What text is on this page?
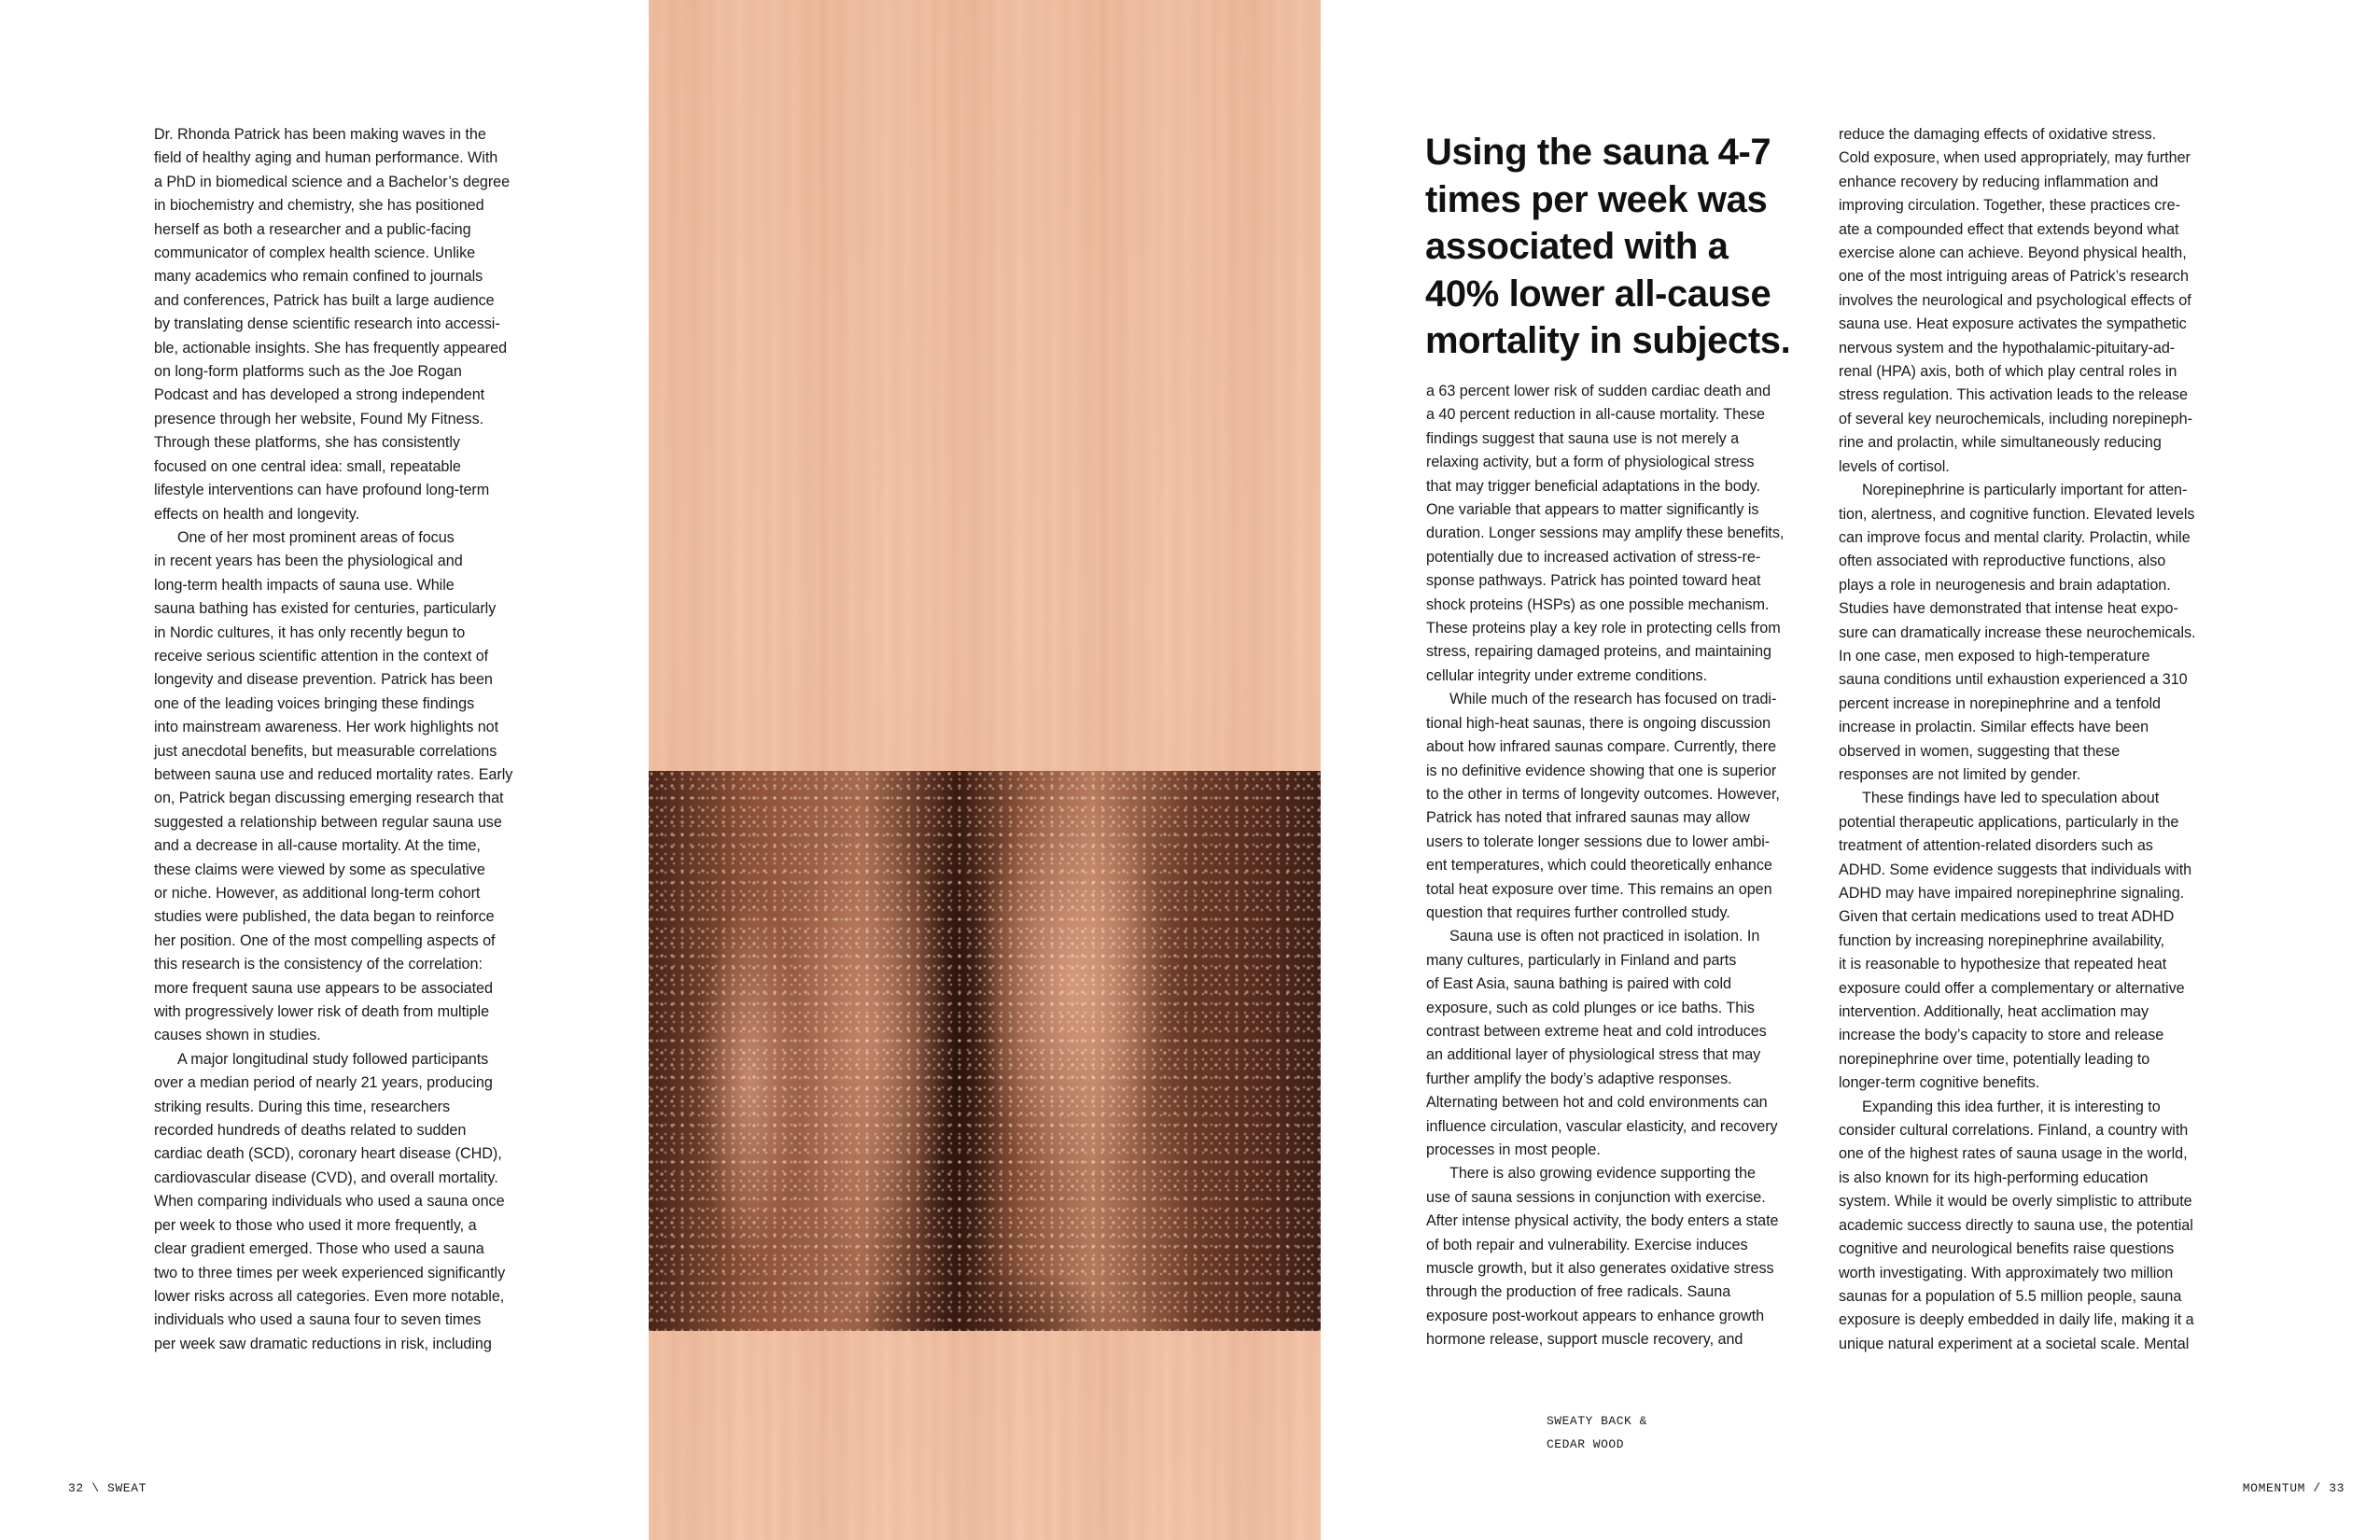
Dr. Rhonda Patrick has been making waves in the
field of healthy aging and human performance. With
a PhD in biomedical science and a Bachelor’s degree
in biochemistry and chemistry, she has positioned
herself as both a researcher and a public-facing
communicator of complex health science. Unlike
many academics who remain confined to journals
and conferences, Patrick has built a large audience
by translating dense scientific research into accessi-
ble, actionable insights. She has frequently appeared
on long-form platforms such as the Joe Rogan
Podcast and has developed a strong independent
presence through her website, Found My Fitness.
Through these platforms, she has consistently
focused on one central idea: small, repeatable
lifestyle interventions can have profound long-term
effects on health and longevity.
One of her most prominent areas of focus
in recent years has been the physiological and
long-term health impacts of sauna use. While
sauna bathing has existed for centuries, particularly
in Nordic cultures, it has only recently begun to
receive serious scientific attention in the context of
longevity and disease prevention. Patrick has been
one of the leading voices bringing these findings
into mainstream awareness. Her work highlights not
just anecdotal benefits, but measurable correlations
between sauna use and reduced mortality rates. Early
on, Patrick began discussing emerging research that
suggested a relationship between regular sauna use
and a decrease in all-cause mortality. At the time,
these claims were viewed by some as speculative
or niche. However, as additional long-term cohort
studies were published, the data began to reinforce
her position. One of the most compelling aspects of
this research is the consistency of the correlation:
more frequent sauna use appears to be associated
with progressively lower risk of death from multiple
causes shown in studies.
A major longitudinal study followed participants
over a median period of nearly 21 years, producing
striking results. During this time, researchers
recorded hundreds of deaths related to sudden
cardiac death (SCD), coronary heart disease (CHD),
cardiovascular disease (CVD), and overall mortality.
When comparing individuals who used a sauna once
per week to those who used it more frequently, a
clear gradient emerged. Those who used a sauna
two to three times per week experienced significantly
lower risks across all categories. Even more notable,
individuals who used a sauna four to seven times
per week saw dramatic reductions in risk, including
SWEATY BACK &
CEDAR WOOD
Using the sauna 4-7
times per week was
associated with a
40% lower all-cause
mortality in subjects.
a 63 percent lower risk of sudden cardiac death and
a 40 percent reduction in all-cause mortality. These
findings suggest that sauna use is not merely a
relaxing activity, but a form of physiological stress
that may trigger beneficial adaptations in the body.
One variable that appears to matter significantly is
duration. Longer sessions may amplify these benefits,
potentially due to increased activation of stress-re-
sponse pathways. Patrick has pointed toward heat
shock proteins (HSPs) as one possible mechanism.
These proteins play a key role in protecting cells from
stress, repairing damaged proteins, and maintaining
cellular integrity under extreme conditions.
While much of the research has focused on tradi-
tional high-heat saunas, there is ongoing discussion
about how infrared saunas compare. Currently, there
is no definitive evidence showing that one is superior
to the other in terms of longevity outcomes. However,
Patrick has noted that infrared saunas may allow
users to tolerate longer sessions due to lower ambi-
ent temperatures, which could theoretically enhance
total heat exposure over time. This remains an open
question that requires further controlled study.
Sauna use is often not practiced in isolation. In
many cultures, particularly in Finland and parts
of East Asia, sauna bathing is paired with cold
exposure, such as cold plunges or ice baths. This
contrast between extreme heat and cold introduces
an additional layer of physiological stress that may
further amplify the body’s adaptive responses.
Alternating between hot and cold environments can
influence circulation, vascular elasticity, and recovery
processes in most people.
There is also growing evidence supporting the
use of sauna sessions in conjunction with exercise.
After intense physical activity, the body enters a state
of both repair and vulnerability. Exercise induces
muscle growth, but it also generates oxidative stress
through the production of free radicals. Sauna
exposure post-workout appears to enhance growth
hormone release, support muscle recovery, and
reduce the damaging effects of oxidative stress.
Cold exposure, when used appropriately, may further
enhance recovery by reducing inflammation and
improving circulation. Together, these practices cre-
ate a compounded effect that extends beyond what
exercise alone can achieve. Beyond physical health,
one of the most intriguing areas of Patrick’s research
involves the neurological and psychological effects of
sauna use. Heat exposure activates the sympathetic
nervous system and the hypothalamic-pituitary-ad-
renal (HPA) axis, both of which play central roles in
stress regulation. This activation leads to the release
of several key neurochemicals, including norepineph-
rine and prolactin, while simultaneously reducing
levels of cortisol.
Norepinephrine is particularly important for atten-
tion, alertness, and cognitive function. Elevated levels
can improve focus and mental clarity. Prolactin, while
often associated with reproductive functions, also
plays a role in neurogenesis and brain adaptation.
Studies have demonstrated that intense heat expo-
sure can dramatically increase these neurochemicals.
In one case, men exposed to high-temperature
sauna conditions until exhaustion experienced a 310
percent increase in norepinephrine and a tenfold
increase in prolactin. Similar effects have been
observed in women, suggesting that these
responses are not limited by gender.
These findings have led to speculation about
potential therapeutic applications, particularly in the
treatment of attention-related disorders such as
ADHD. Some evidence suggests that individuals with
ADHD may have impaired norepinephrine signaling.
Given that certain medications used to treat ADHD
function by increasing norepinephrine availability,
it is reasonable to hypothesize that repeated heat
exposure could offer a complementary or alternative
intervention. Additionally, heat acclimation may
increase the body’s capacity to store and release
norepinephrine over time, potentially leading to
longer-term cognitive benefits.
Expanding this idea further, it is interesting to
consider cultural correlations. Finland, a country with
one of the highest rates of sauna usage in the world,
is also known for its high-performing education
system. While it would be overly simplistic to attribute
academic success directly to sauna use, the potential
cognitive and neurological benefits raise questions
worth investigating. With approximately two million
saunas for a population of 5.5 million people, sauna
exposure is deeply embedded in daily life, making it a
unique natural experiment at a societal scale. Mental
32 \ SWEAT	MOMENTUM / 33
